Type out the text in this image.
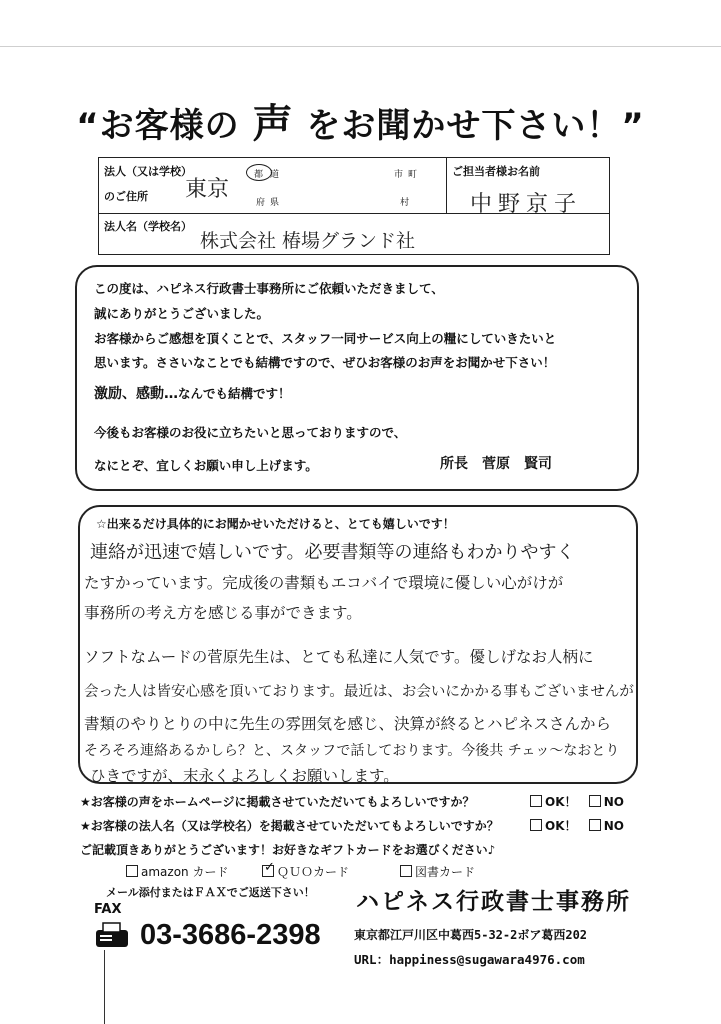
“お客様の 声 をお聞かせ下さい！”
法人（又は学校）
のご住所 東京
都 道
府 県
市 町
村
ご担当者様お名前
中野京子
法人名（学校名）
株式会社 椿場グランド社
この度は、ハピネス行政書士事務所にご依頼いただきまして、
誠にありがとうございました。
お客様からご感想を頂くことで、スタッフ一同サービス向上の糧にしていきたいと
思います。ささいなことでも結構ですので、ぜひお客様のお声をお聞かせ下さい！
激励、感動…なんでも結構です！
今後もお客様のお役に立ちたいと思っておりますので、
なにとぞ、宜しくお願い申し上げます。	所長　菅原　賢司
☆出来るだけ具体的にお聞かせいただけると、とても嬉しいです！
連絡が迅速で嬉しいです。必要書類等の連絡もわかりやすく
たすかっています。完成後の書類もエコバイで環境に優しい心がけが
事務所の考え方を感じる事ができます。
ソフトなムードの菅原先生は、とても私達に人気です。優しげなお人柄に
会った人は皆安心感を頂いております。最近は、お会いにかかる事もございませんが
書類のやりとりの中に先生の雰囲気を感じ、決算が終るとハピネスさんから
そろそろ連絡あるかしら？と、スタッフで話しております。今後共 チェッ〜なおとり
ひきですが、末永くよろしくお願いします。
★お客様の声をホームページに掲載させていただいてもよろしいですか？	OK！ NO
★お客様の法人名（又は学校名）を掲載させていただいてもよろしいですか？	OK！ NO
ご記載頂きありがとうございます！お好きなギフトカードをお選びください♪
amazon カード	✓ ＱＵＯカード	図書カード
メール添付またはＦＡＸでご返送下さい！ ハピネス行政書士事務所
FAX
03-3686-2398	東京都江戸川区中葛西5-32-2ボア葛西202
URL：happiness@sugawara4976.com
